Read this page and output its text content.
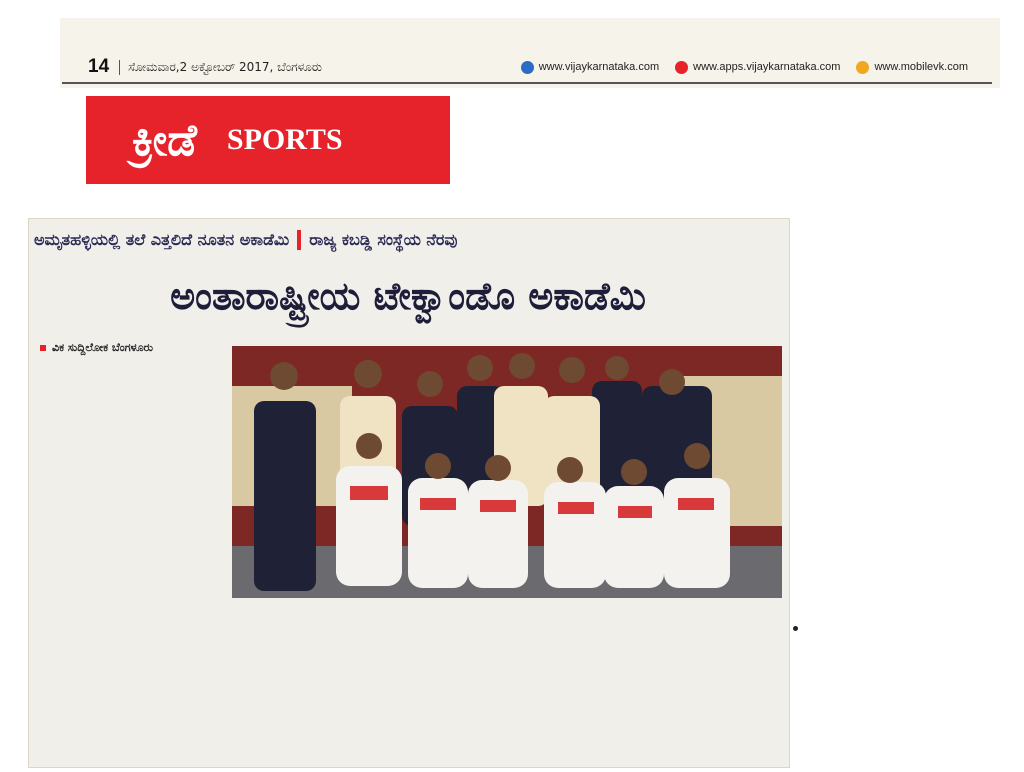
14	ಸೋಮವಾರ,2 ಅಕ್ಟೋಬರ್ 2017, ಬೆಂಗಳೂರು	www.vijaykarnataka.com	www.apps.vijaykarnataka.com	www.mobilevk.com
ಕ್ರೀಡೆ SPORTS
ಅಮೃತಹಳ್ಳಿಯಲ್ಲಿ ತಲೆ ಎತ್ತಲಿದೆ ನೂತನ ಅಕಾಡೆಮಿ ರಾಜ್ಯ ಕಬಡ್ಡಿ ಸಂಸ್ಥೆಯ ನೆರವು
ಅಂತಾರಾಷ್ಟ್ರೀಯ ಟೇಕ್ವಾಂಡೊ ಅಕಾಡೆಮಿ
ವಿಕ ಸುದ್ದಿಲೋಕ ಬೆಂಗಳೂರು
